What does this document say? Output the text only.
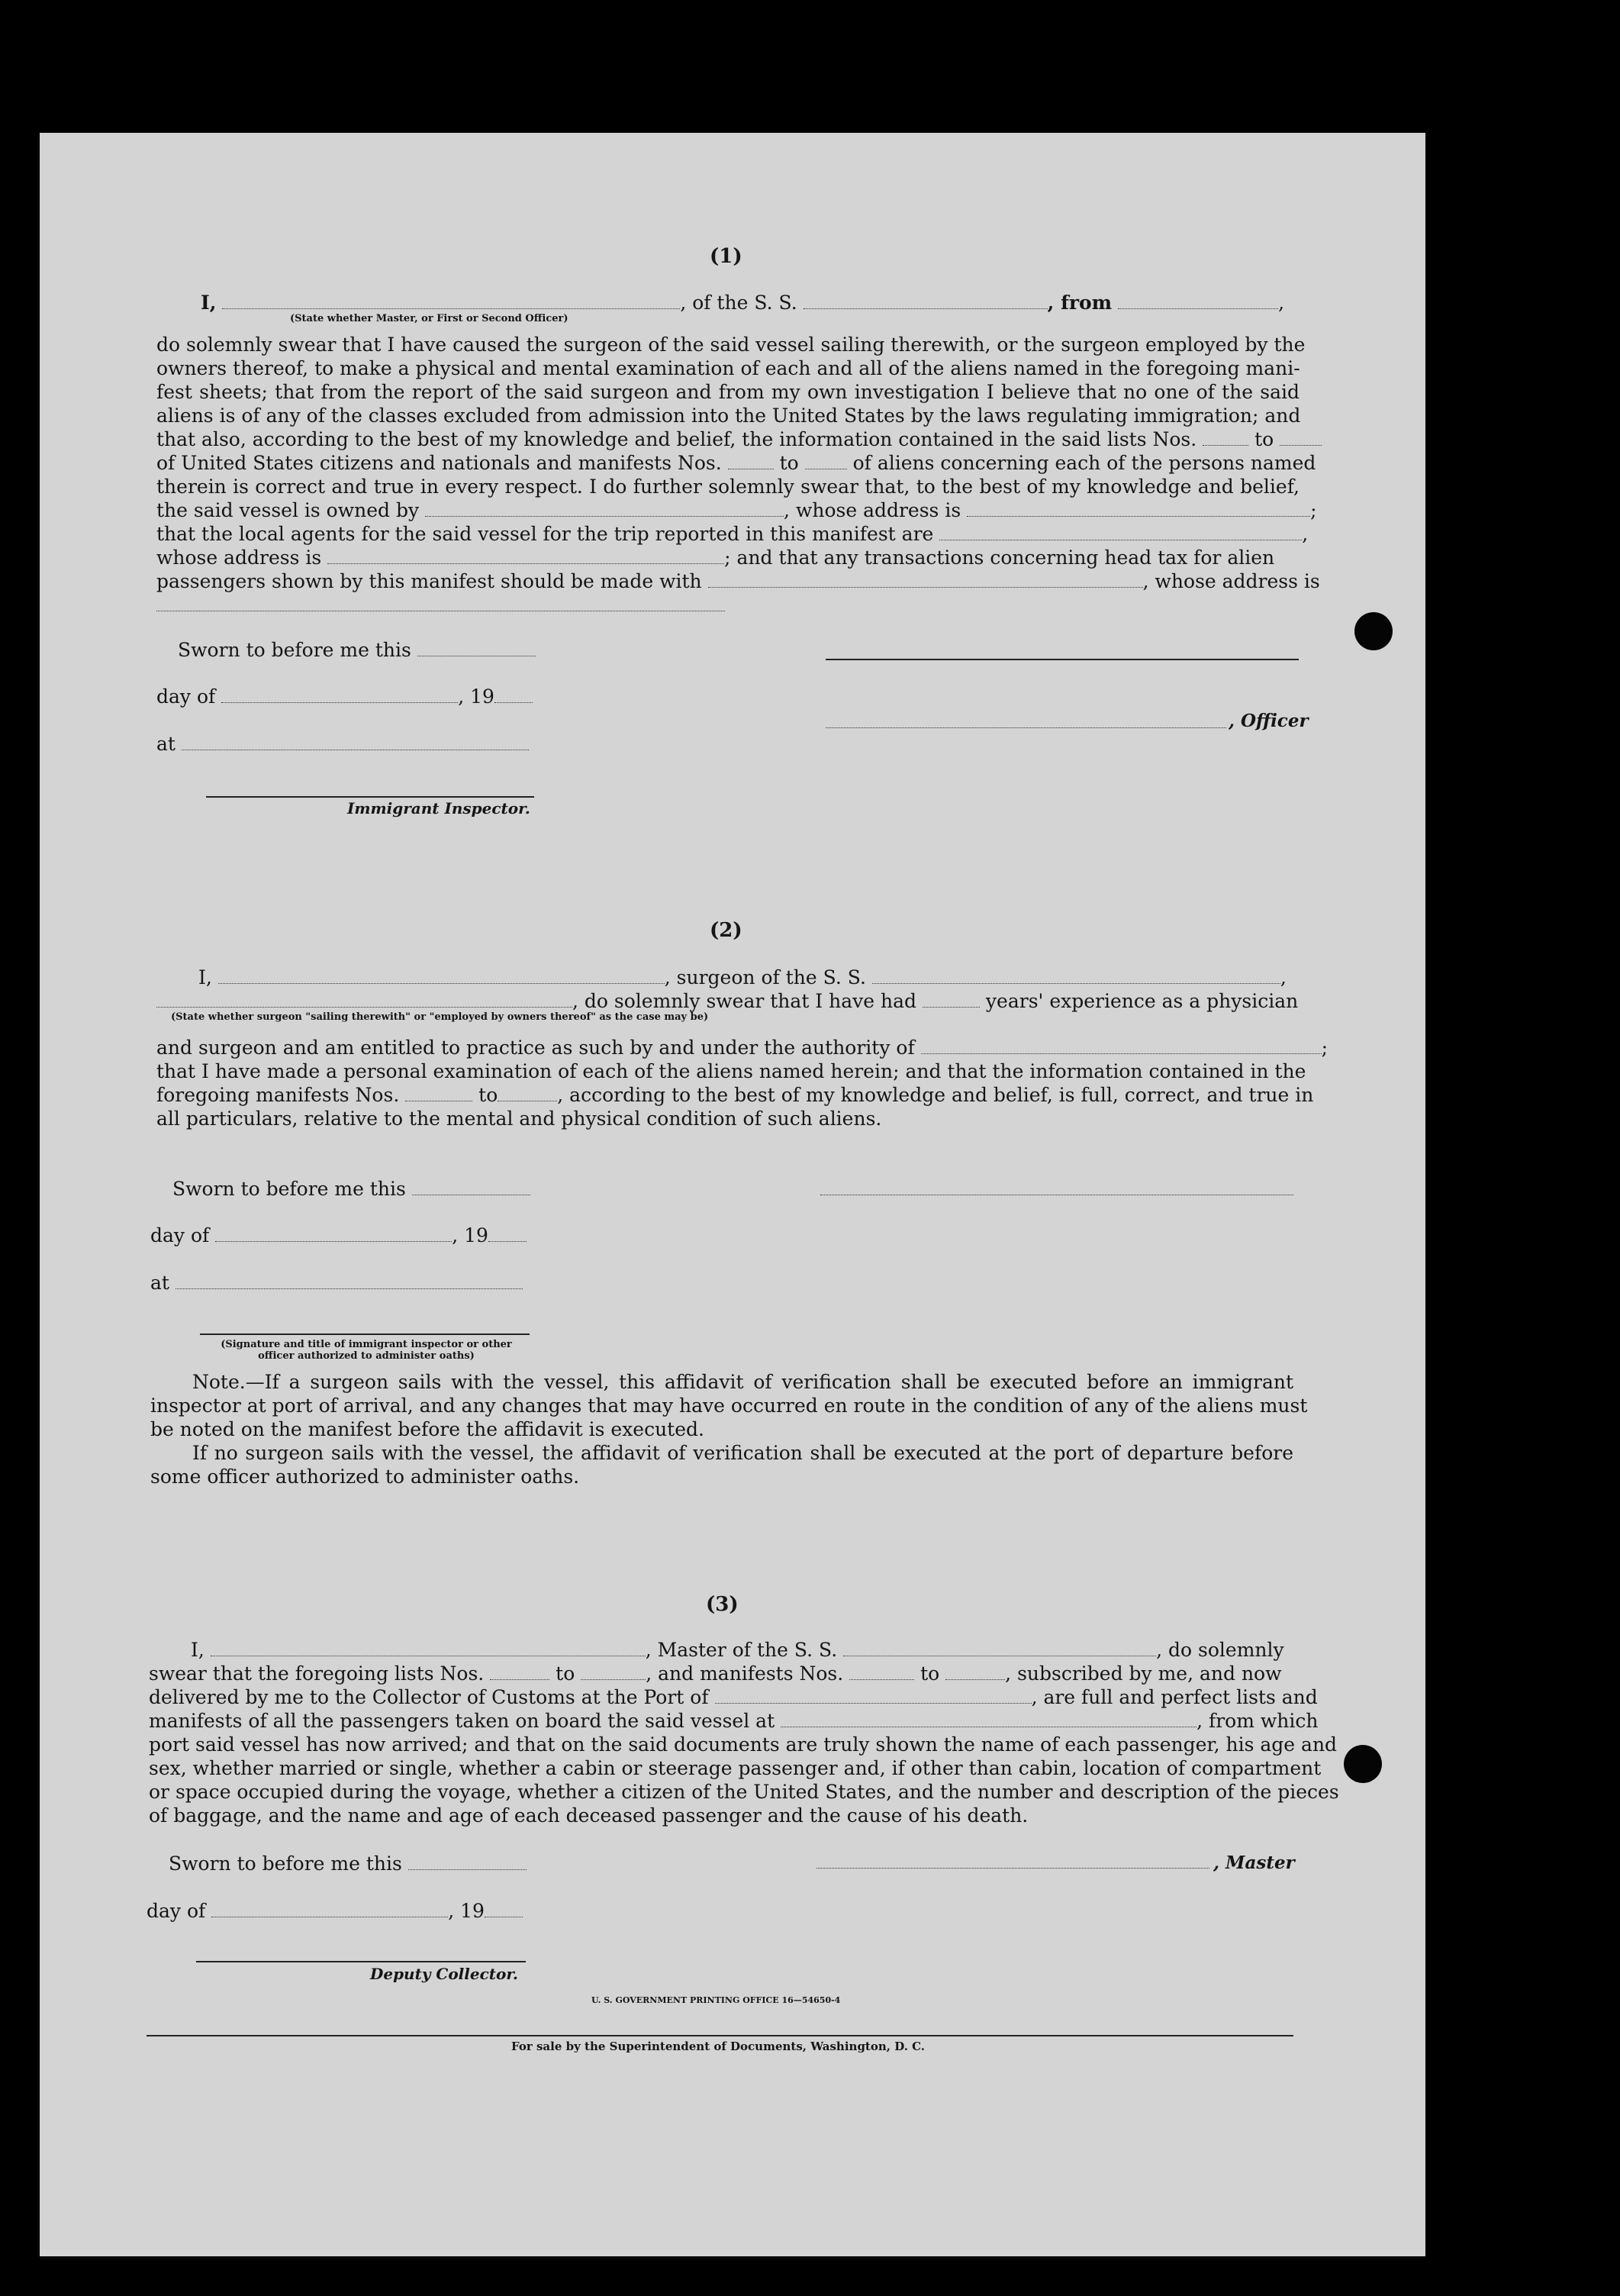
(1)
I,	, of the S. S.	, from	,
(State whether Master, or First or Second Officer)
do solemnly swear that I have caused the surgeon of the said vessel sailing therewith, or the surgeon employed by the
owners thereof, to make a physical and mental examination of each and all of the aliens named in the foregoing mani-
fest sheets; that from the report of the said surgeon and from my own investigation I believe that no one of the said
aliens is of any of the classes excluded from admission into the United States by the laws regulating immigration; and
that also, according to the best of my knowledge and belief, the information contained in the said lists Nos.	to
of United States citizens and nationals and manifests Nos.	to	of aliens concerning each of the persons named
therein is correct and true in every respect. I do further solemnly swear that, to the best of my knowledge and belief,
the said vessel is owned by	, whose address is	;
that the local agents for the said vessel for the trip reported in this manifest are	,
whose address is	; and that any transactions concerning head tax for alien
passengers shown by this manifest should be made with	, whose address is
Sworn to before me this
day of	, 19
at
Immigrant Inspector.
, Officer
(2)
I,	, surgeon of the S. S.	,
, do solemnly swear that I have had	years' experience as a physician
(State whether surgeon "sailing therewith" or "employed by owners thereof" as the case may be)
and surgeon and am entitled to practice as such by and under the authority of	;
that I have made a personal examination of each of the aliens named herein; and that the information contained in the
foregoing manifests Nos.	to	, according to the best of my knowledge and belief, is full, correct, and true in
all particulars, relative to the mental and physical condition of such aliens.
Sworn to before me this
day of	, 19
at
(Signature and title of immigrant inspector or other officer authorized to administer oaths)
Note.—If a surgeon sails with the vessel, this affidavit of verification shall be executed before an immigrant
inspector at port of arrival, and any changes that may have occurred en route in the condition of any of the aliens must
be noted on the manifest before the affidavit is executed.
If no surgeon sails with the vessel, the affidavit of verification shall be executed at the port of departure before
some officer authorized to administer oaths.
(3)
I,	, Master of the S. S.	, do solemnly
swear that the foregoing lists Nos.	to	, and manifests Nos.	to	, subscribed by me, and now
delivered by me to the Collector of Customs at the Port of	, are full and perfect lists and
manifests of all the passengers taken on board the said vessel at	, from which
port said vessel has now arrived; and that on the said documents are truly shown the name of each passenger, his age and
sex, whether married or single, whether a cabin or steerage passenger and, if other than cabin, location of compartment
or space occupied during the voyage, whether a citizen of the United States, and the number and description of the pieces
of baggage, and the name and age of each deceased passenger and the cause of his death.
Sworn to before me this
day of	, 19
Deputy Collector.
, Master
U. S. GOVERNMENT PRINTING OFFICE 16—54650-4
For sale by the Superintendent of Documents, Washington, D. C.
